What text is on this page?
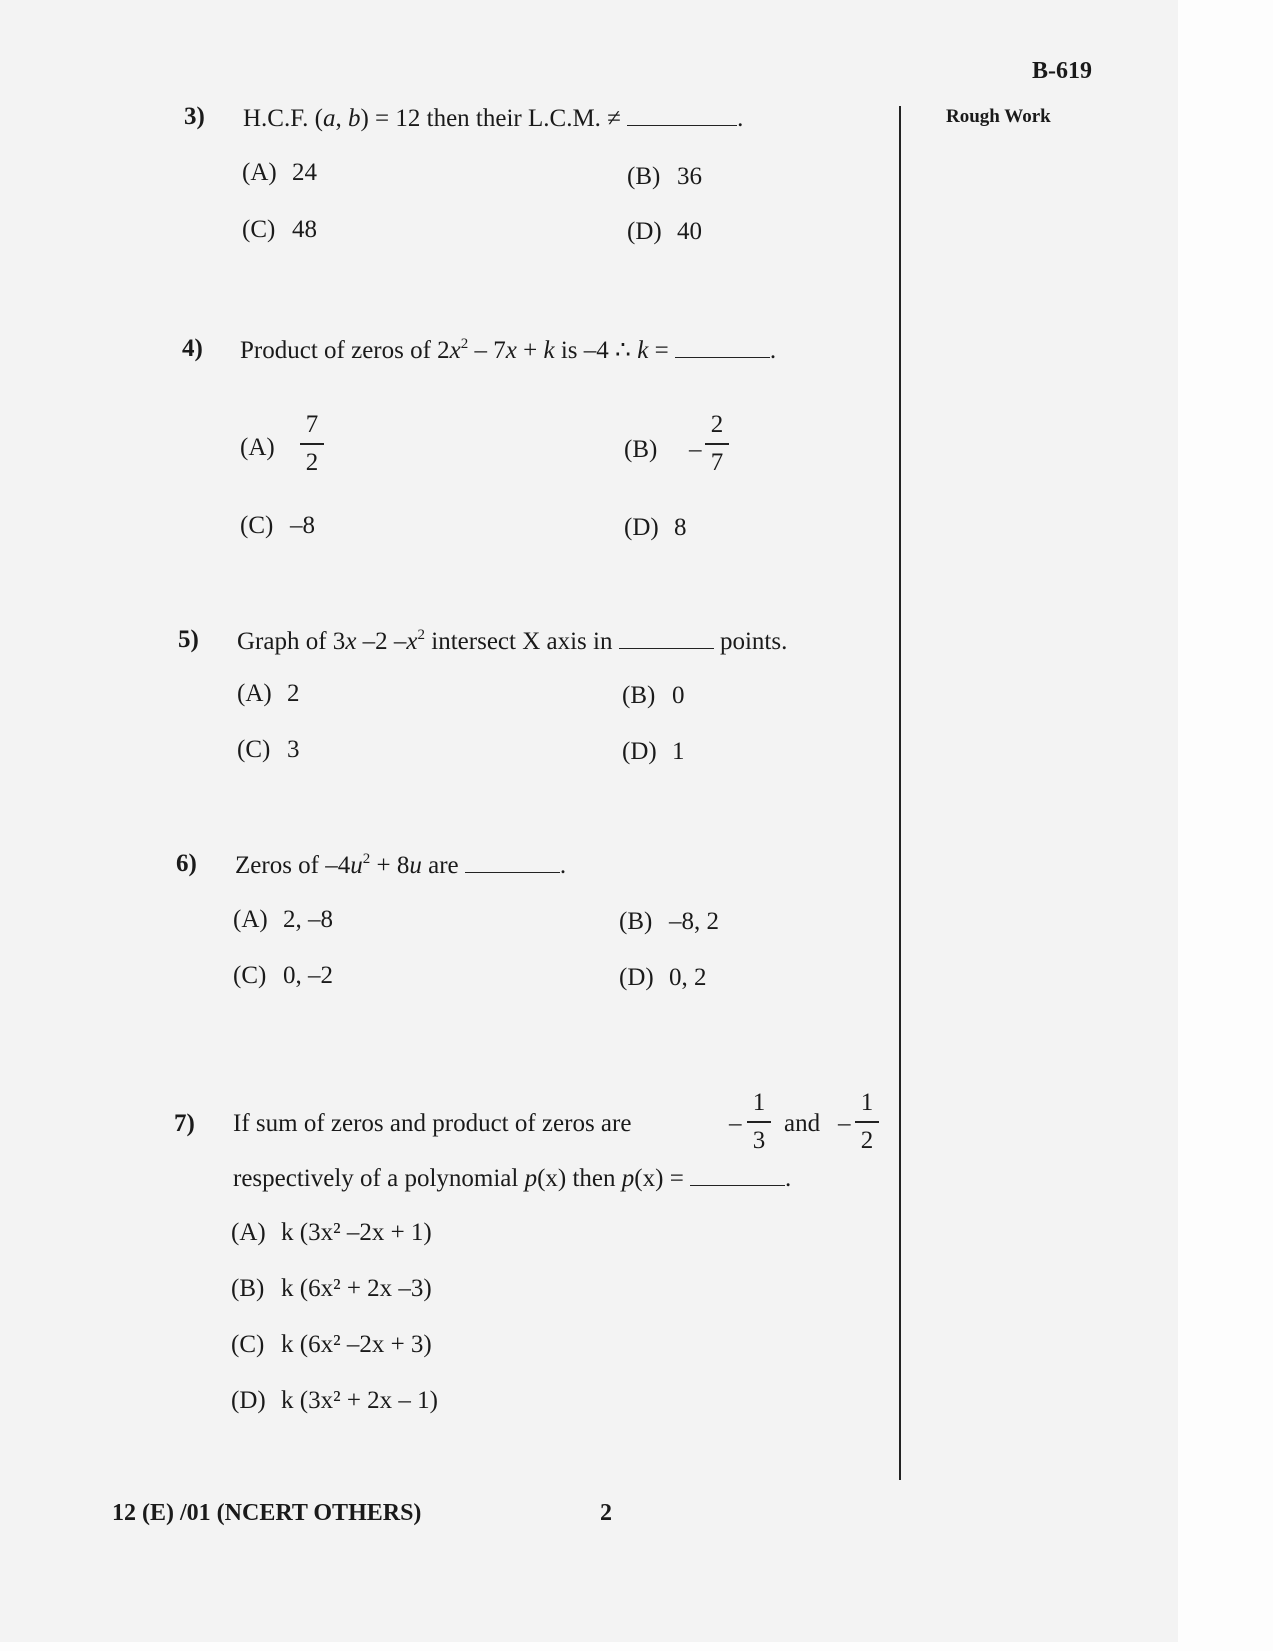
B-619
Rough Work
3) H.C.F. (a, b) = 12 then their L.C.M. ≠	.
(A) 24	(B) 36
(C) 48	(D) 40
4) Product of zeros of $2x^2 - 7x + k$ is –4 ∴ k =	.
(A)
7
2	(B) –
2
7
(C) –8	(D) 8
5) Graph of 3x –2 $-x^2$ intersect X axis in	points.
(A) 2	(B) 0
(C) 3	(D) 1
6) Zeros of $-4u^2 + 8u$ are	.
(A) 2, –8	(B) –8, 2
(C) 0, –2	(D) 0, 2
7) If sum of zeros and product of zeros are	–
1
3
and –
1
2
respectively of a polynomial p(x) then p(x) =	.
(A) k (3x² –2x + 1)
(B) k (6x² + 2x –3)
(C) k (6x² –2x + 3)
(D) k (3x² + 2x – 1)
12 (E) /01 (NCERT OTHERS)	2
